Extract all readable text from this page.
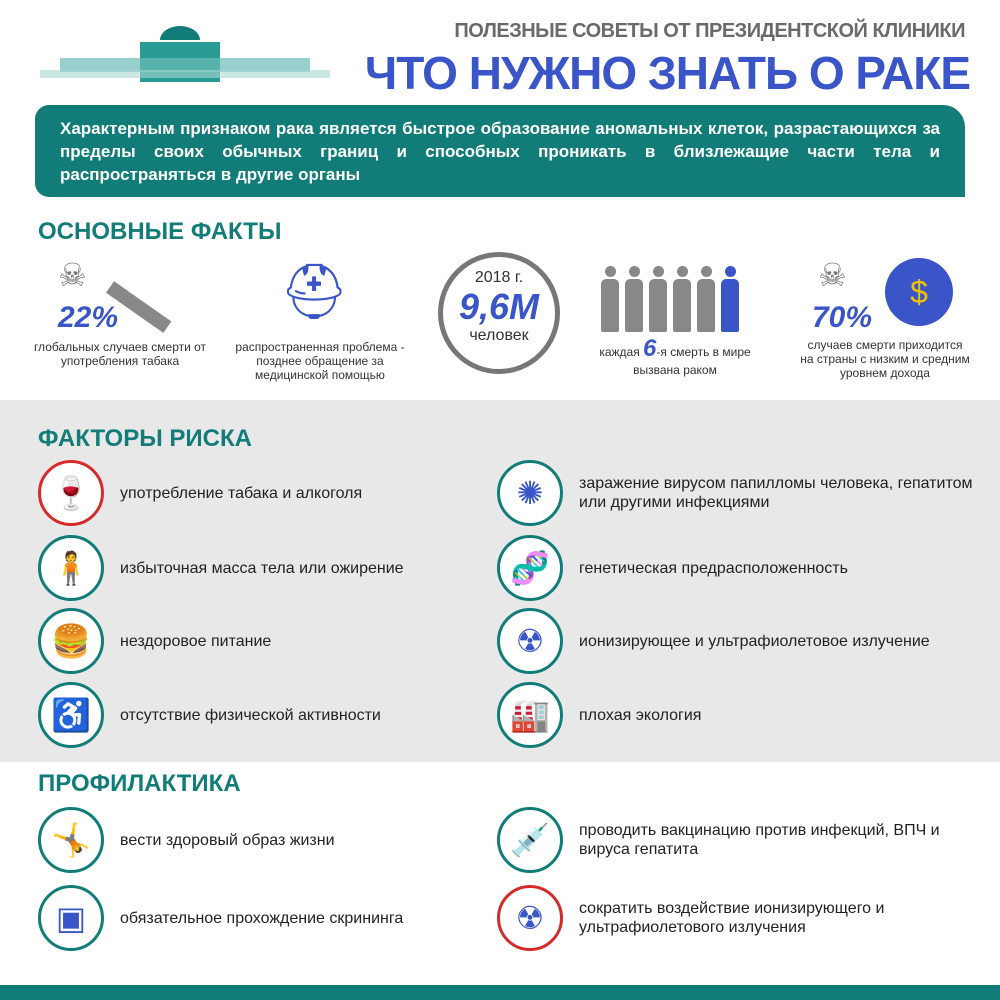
ПОЛЕЗНЫЕ СОВЕТЫ ОТ ПРЕЗИДЕНТСКОЙ КЛИНИКИ
ЧТО НУЖНО ЗНАТЬ О РАКЕ
Характерным признаком рака является быстрое образование аномальных клеток, разрастающихся за пределы своих обычных границ и способных проникать в близлежащие части тела и распространяться в другие органы
ОСНОВНЫЕ ФАКТЫ
☠
22%
глобальных случаев смерти от употребления табака
⛑
распространенная проблема - позднее обращение за медицинской помощью
2018 г.
9,6М
человек
каждая 6-я смерть в мире
вызвана раком
☠	$
70%
случаев смерти приходится на страны с низким и средним уровнем дохода
ФАКТОРЫ РИСКА
🍷	употребление табака и алкоголя
🧍	избыточная масса тела или ожирение
🍔	нездоровое питание
♿	отсутствие физической активности
✺	заражение вирусом папилломы человека, гепатитом или другими инфекциями
🧬	генетическая предрасположенность
☢	ионизирующее и ультрафиолетовое излучение
🏭	плохая экология
ПРОФИЛАКТИКА
🤸	вести здоровый образ жизни
▣	обязательное прохождение скрининга
💉	проводить вакцинацию против инфекций, ВПЧ и вируса гепатита
☢	сократить воздействие ионизирующего и ультрафиолетового излучения
